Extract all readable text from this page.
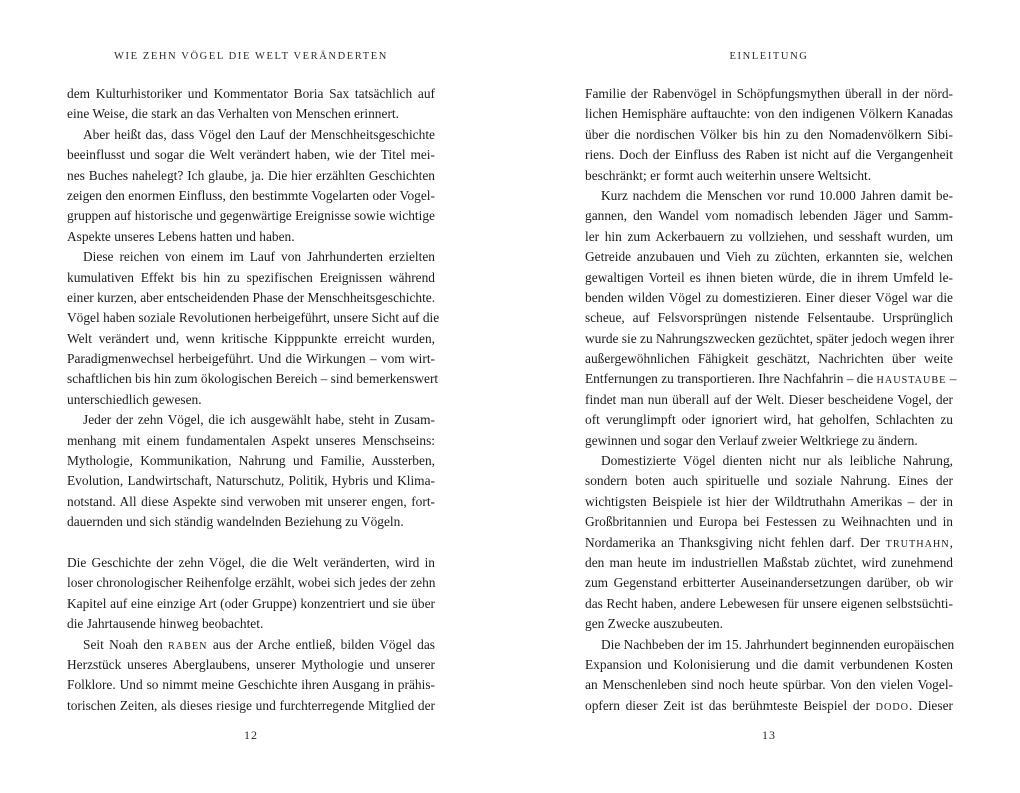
WIE ZEHN VÖGEL DIE WELT VERÄNDERTEN
dem Kulturhistoriker und Kommentator Boria Sax tatsächlich auf
eine Weise, die stark an das Verhalten von Menschen erinnert.
Aber heißt das, dass Vögel den Lauf der Menschheitsgeschichte
beeinflusst und sogar die Welt verändert haben, wie der Titel mei-
nes Buches nahelegt? Ich glaube, ja. Die hier erzählten Geschichten
zeigen den enormen Einfluss, den bestimmte Vogelarten oder Vogel-
gruppen auf historische und gegenwärtige Ereignisse sowie wichtige
Aspekte unseres Lebens hatten und haben.
Diese reichen von einem im Lauf von Jahrhunderten erzielten
kumulativen Effekt bis hin zu spezifischen Ereignissen während
einer kurzen, aber entscheidenden Phase der Menschheitsgeschichte.
Vögel haben soziale Revolutionen herbeigeführt, unsere Sicht auf die
Welt verändert und, wenn kritische Kipppunkte erreicht wurden,
Paradigmenwechsel herbeigeführt. Und die Wirkungen – vom wirt-
schaftlichen bis hin zum ökologischen Bereich – sind bemerkenswert
unterschiedlich gewesen.
Jeder der zehn Vögel, die ich ausgewählt habe, steht in Zusam-
menhang mit einem fundamentalen Aspekt unseres Menschseins:
Mythologie, Kommunikation, Nahrung und Familie, Aussterben,
Evolution, Landwirtschaft, Naturschutz, Politik, Hybris und Klima-
notstand. All diese Aspekte sind verwoben mit unserer engen, fort-
dauernden und sich ständig wandelnden Beziehung zu Vögeln.
Die Geschichte der zehn Vögel, die die Welt veränderten, wird in
loser chronologischer Reihenfolge erzählt, wobei sich jedes der zehn
Kapitel auf eine einzige Art (oder Gruppe) konzentriert und sie über
die Jahrtausende hinweg beobachtet.
Seit Noah den RABEN aus der Arche entließ, bilden Vögel das
Herzstück unseres Aberglaubens, unserer Mythologie und unserer
Folklore. Und so nimmt meine Geschichte ihren Ausgang in prähis-
torischen Zeiten, als dieses riesige und furchterregende Mitglied der
12
EINLEITUNG
Familie der Rabenvögel in Schöpfungsmythen überall in der nörd-
lichen Hemisphäre auftauchte: von den indigenen Völkern Kanadas
über die nordischen Völker bis hin zu den Nomadenvölkern Sibi-
riens. Doch der Einfluss des Raben ist nicht auf die Vergangenheit
beschränkt; er formt auch weiterhin unsere Weltsicht.
Kurz nachdem die Menschen vor rund 10.000 Jahren damit be-
gannen, den Wandel vom nomadisch lebenden Jäger und Samm-
ler hin zum Ackerbauern zu vollziehen, und sesshaft wurden, um
Getreide anzubauen und Vieh zu züchten, erkannten sie, welchen
gewaltigen Vorteil es ihnen bieten würde, die in ihrem Umfeld le-
benden wilden Vögel zu domestizieren. Einer dieser Vögel war die
scheue, auf Felsvorsprüngen nistende Felsentaube. Ursprünglich
wurde sie zu Nahrungszwecken gezüchtet, später jedoch wegen ihrer
außergewöhnlichen Fähigkeit geschätzt, Nachrichten über weite
Entfernungen zu transportieren. Ihre Nachfahrin – die HAUSTAUBE –
findet man nun überall auf der Welt. Dieser bescheidene Vogel, der
oft verunglimpft oder ignoriert wird, hat geholfen, Schlachten zu
gewinnen und sogar den Verlauf zweier Weltkriege zu ändern.
Domestizierte Vögel dienten nicht nur als leibliche Nahrung,
sondern boten auch spirituelle und soziale Nahrung. Eines der
wichtigsten Beispiele ist hier der Wildtruthahn Amerikas – der in
Großbritannien und Europa bei Festessen zu Weihnachten und in
Nordamerika an Thanksgiving nicht fehlen darf. Der TRUTHAHN,
den man heute im industriellen Maßstab züchtet, wird zunehmend
zum Gegenstand erbitterter Auseinandersetzungen darüber, ob wir
das Recht haben, andere Lebewesen für unsere eigenen selbstsüchti-
gen Zwecke auszubeuten.
Die Nachbeben der im 15. Jahrhundert beginnenden europäischen
Expansion und Kolonisierung und die damit verbundenen Kosten
an Menschenleben sind noch heute spürbar. Von den vielen Vogel-
opfern dieser Zeit ist das berühmteste Beispiel der DODO. Dieser
13
